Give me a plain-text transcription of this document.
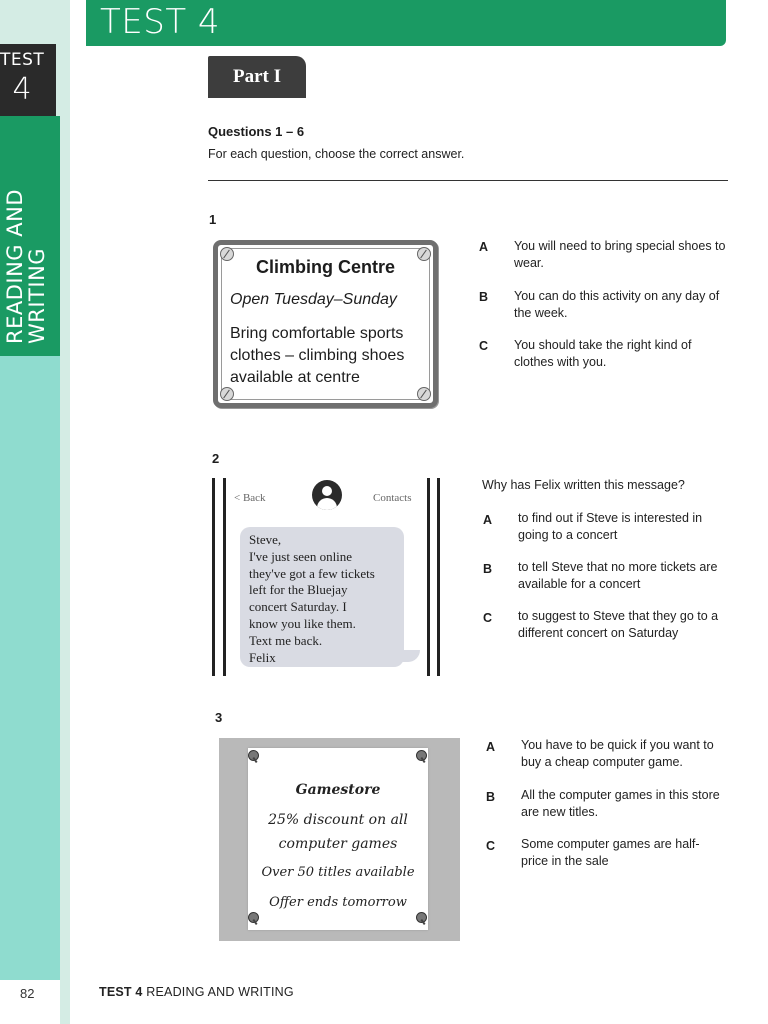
TEST
4
READING AND
WRITING
82
TEST 4
Part I
Questions 1 – 6
For each question, choose the correct answer.
1
Climbing Centre
Open Tuesday–Sunday
Bring comfortable sports clothes – climbing shoes available at centre
A You will need to bring special shoes to wear.
B You can do this activity on any day of the week.
C You should take the right kind of clothes with you.
2
< Back	Contacts
Steve,
I've just seen online
they've got a few tickets
left for the Bluejay
concert Saturday. I
know you like them.
Text me back.
Felix
Why has Felix written this message?
A to find out if Steve is interested in going to a concert
B to tell Steve that no more tickets are available for a concert
C to suggest to Steve that they go to a different concert on Saturday
3
Gamestore
25% discount on all
computer games
Over 50 titles available
Offer ends tomorrow
A You have to be quick if you want to buy a cheap computer game.
B All the computer games in this store are new titles.
C Some computer games are half-price in the sale
TEST 4 READING AND WRITING
